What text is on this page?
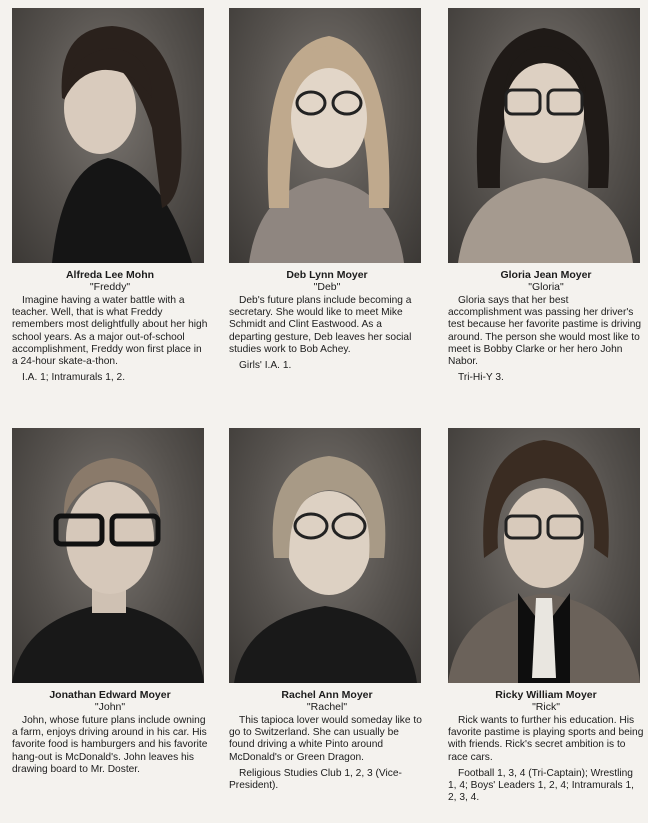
Alfreda Lee Mohn
"Freddy"
Imagine having a water battle with a teacher. Well, that is what Freddy remembers most delightfully about her high school years. As a major out-of-school accomplishment, Freddy won first place in a 24-hour skate-a-thon.
I.A. 1; Intramurals 1, 2.
Deb Lynn Moyer
"Deb"
Deb's future plans include becoming a secretary. She would like to meet Mike Schmidt and Clint Eastwood. As a departing gesture, Deb leaves her social studies work to Bob Achey.
Girls' I.A. 1.
Gloria Jean Moyer
"Gloria"
Gloria says that her best accomplishment was passing her driver's test because her favorite pastime is driving around. The person she would most like to meet is Bobby Clarke or her hero John Nabor.
Tri-Hi-Y 3.
Jonathan Edward Moyer
"John"
John, whose future plans include owning a farm, enjoys driving around in his car. His favorite food is hamburgers and his favorite hang-out is McDonald's. John leaves his drawing board to Mr. Doster.
Rachel Ann Moyer
"Rachel"
This tapioca lover would someday like to go to Switzerland. She can usually be found driving a white Pinto around McDonald's or Green Dragon.
Religious Studies Club 1, 2, 3 (Vice-President).
Ricky William Moyer
"Rick"
Rick wants to further his education. His favorite pastime is playing sports and being with friends. Rick's secret ambition is to race cars.
Football 1, 3, 4 (Tri-Captain); Wrestling 1, 4; Boys' Leaders 1, 2, 4; Intramurals 1, 2, 3, 4.
